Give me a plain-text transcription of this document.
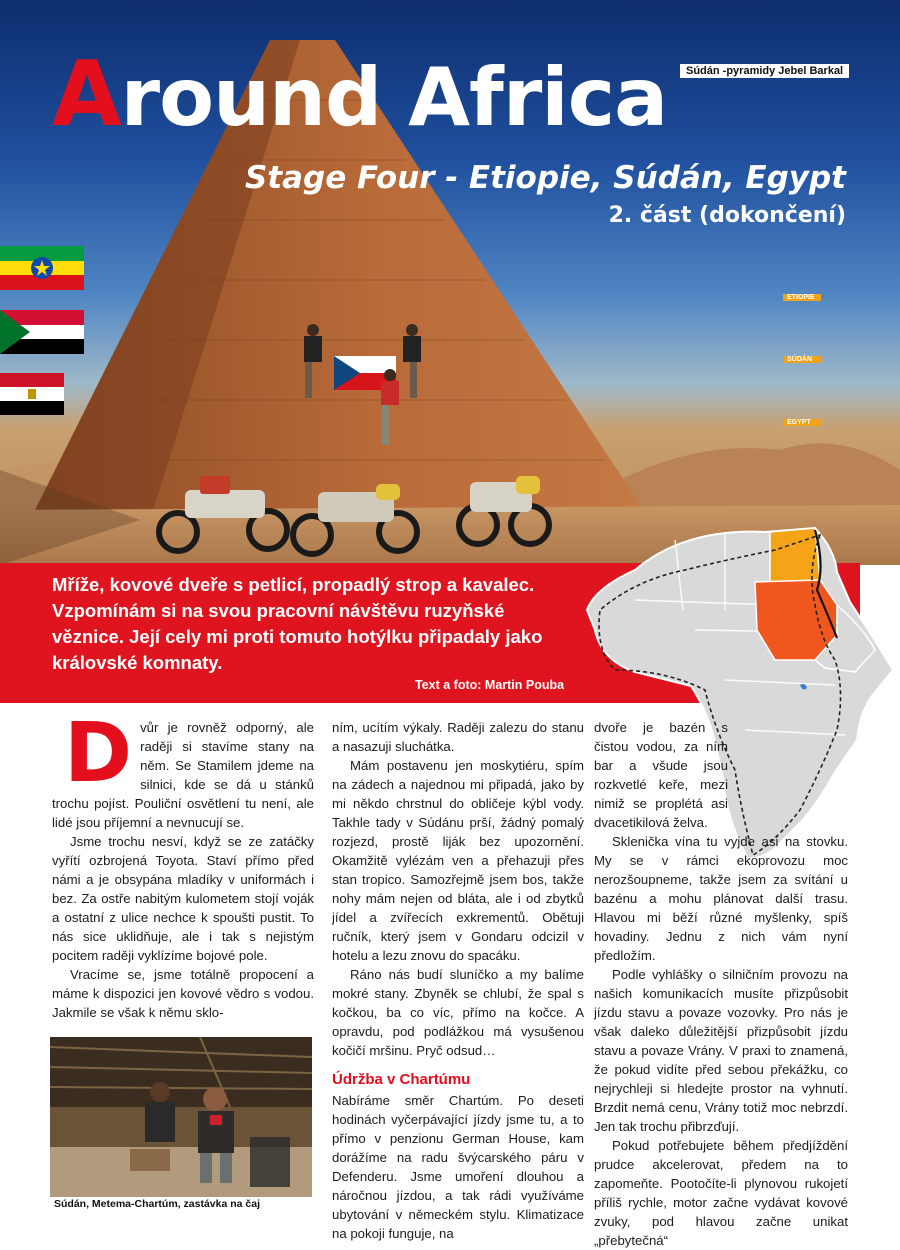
Around Africa
Stage Four - Etiopie, Súdán, Egypt
2. část (dokončení)
Súdán -pyramidy Jebel Barkal
ETIOPIE
SÚDÁN
EGYPT

Mříže, kovové dveře s petlicí, propadlý strop a kavalec. Vzpomínám si na svou pracovní návštěvu ruzyňské věznice. Její cely mi proti tomuto hotýlku připadaly jako královské komnaty.

Text a foto: Martin Pouba

Dvůr je rovněž odporný, ale raději si stavíme stany na něm. Se Stamilem jdeme na silnici, kde se dá u stánků trochu pojíst. Pouliční osvětlení tu není, ale lidé jsou příjemní a nevnucují se.

Jsme trochu nesví, když se ze zatáčky vyřítí ozbrojená Toyota. Staví přímo před námi a je obsypána mladíky v uniformách i bez. Za ostře nabitým kulometem stojí voják a ostatní z ulice nechce k spoušti pustit. To nás sice uklidňuje, ale i tak s nejistým pocitem raději vyklízíme bojové pole.

Vracíme se, jsme totálně propocení a máme k dispozici jen kovové vědro s vodou. Jakmile se však k němu sklo-

Súdán, Metema-Chartúm, zastávka na čaj

ním, ucítím výkaly. Raději zalezu do stanu a nasazuji sluchátka.

Mám postavenu jen moskytiéru, spím na zádech a najednou mi připadá, jako by mi někdo chrstnul do obličeje kýbl vody. Takhle tady v Súdánu prší, žádný pomalý rozjezd, prostě liják bez upozornění. Okamžitě vylézám ven a přehazuji přes stan tropico. Samozřejmě jsem bos, takže nohy mám nejen od bláta, ale i od zbytků jídel a zvířecích exkrementů. Obětuji ručník, který jsem v Gondaru odcizil v hotelu a lezu znovu do spacáku.

Ráno nás budí sluníčko a my balíme mokré stany. Zbyněk se chlubí, že spal s kočkou, ba co víc, přímo na kočce. A opravdu, pod podlážkou má vysušenou kočičí mršinu. Pryč odsud…

Údržba v Chartúmu

Nabíráme směr Chartúm. Po deseti hodinách vyčerpávající jízdy jsme tu, a to přímo v penzionu German House, kam dorážíme na radu švýcarského páru v Defenderu. Jsme umoření dlouhou a náročnou jízdou, a tak rádi využíváme ubytování v německém stylu. Klimatizace na pokoji funguje, na

dvoře je bazén s čistou vodou, za ním bar a všude jsou rozkvetlé keře, mezi nimiž se proplétá asi dvacetikilová želva.

Sklenička vína tu vyjde asi na stovku. My se v rámci ekoprovozu moc nerozšoupneme, takže jsem za svítání u bazénu a mohu plánovat další trasu. Hlavou mi běží různé myšlenky, spíš hovadiny. Jednu z nich vám nyní předložím.

Podle vyhlášky o silničním provozu na našich komunikacích musíte přizpůsobit jízdu stavu a povaze vozovky. Pro nás je však daleko důležitější přizpůsobit jízdu stavu a povaze Vrány. V praxi to znamená, že pokud vidíte před sebou překážku, co nejrychleji si hledejte prostor na vyhnutí. Brzdit nemá cenu, Vrány totiž moc nebrzdí. Jen tak trochu přibrzďují.

Pokud potřebujete během předjíždění prudce akcelerovat, předem na to zapomeňte. Pootočíte-li plynovou rukojetí příliš rychle, motor začne vydávat kovové zvuky, pod hlavou začne unikat „přebytečná“
